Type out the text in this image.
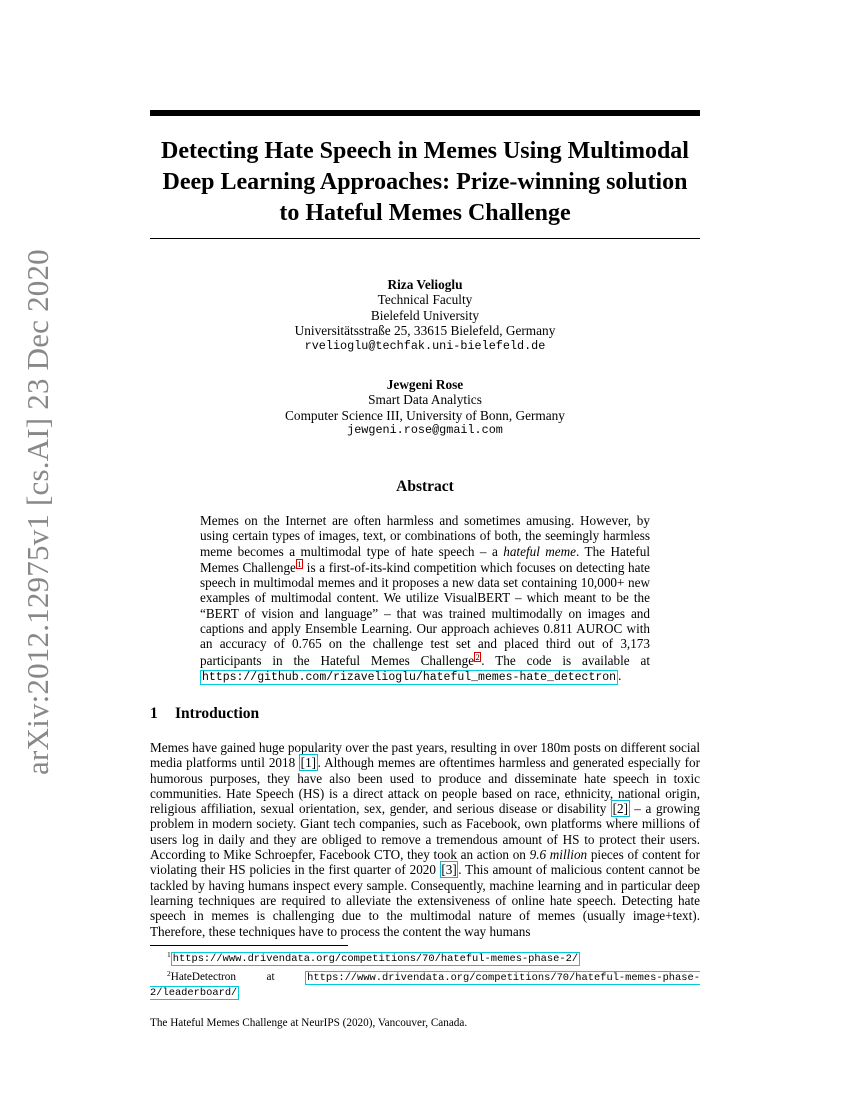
arXiv:2012.12975v1 [cs.AI] 23 Dec 2020
Detecting Hate Speech in Memes Using Multimodal Deep Learning Approaches: Prize-winning solution to Hateful Memes Challenge
Riza Velioglu
Technical Faculty
Bielefeld University
Universitätsstraße 25, 33615 Bielefeld, Germany
rvelioglu@techfak.uni-bielefeld.de
Jewgeni Rose
Smart Data Analytics
Computer Science III, University of Bonn, Germany
jewgeni.rose@gmail.com
Abstract
Memes on the Internet are often harmless and sometimes amusing. However, by using certain types of images, text, or combinations of both, the seemingly harmless meme becomes a multimodal type of hate speech – a hateful meme. The Hateful Memes Challenge 1 is a first-of-its-kind competition which focuses on detecting hate speech in multimodal memes and it proposes a new data set containing 10,000+ new examples of multimodal content. We utilize VisualBERT – which meant to be the “BERT of vision and language” – that was trained multimodally on images and captions and apply Ensemble Learning. Our approach achieves 0.811 AUROC with an accuracy of 0.765 on the challenge test set and placed third out of 3,173 participants in the Hateful Memes Challenge 2 . The code is available at https://github.com/rizavelioglu/hateful_memes-hate_detectron .
1 Introduction
Memes have gained huge popularity over the past years, resulting in over 180m posts on different social media platforms until 2018 [1] . Although memes are oftentimes harmless and generated especially for humorous purposes, they have also been used to produce and disseminate hate speech in toxic communities. Hate Speech (HS) is a direct attack on people based on race, ethnicity, national origin, religious affiliation, sexual orientation, sex, gender, and serious disease or disability [2] – a growing problem in modern society. Giant tech companies, such as Facebook, own platforms where millions of users log in daily and they are obliged to remove a tremendous amount of HS to protect their users. According to Mike Schroepfer, Facebook CTO, they took an action on 9.6 million pieces of content for violating their HS policies in the first quarter of 2020 [3] . This amount of malicious content cannot be tackled by having humans inspect every sample. Consequently, machine learning and in particular deep learning techniques are required to alleviate the extensiveness of online hate speech. Detecting hate speech in memes is challenging due to the multimodal nature of memes (usually image+text). Therefore, these techniques have to process the content the way humans
$^1$ https://www.drivendata.org/competitions/70/hateful-memes-phase-2/
$^2$HateDetectron at https://www.drivendata.org/competitions/70/hateful-memes-phase-2/leaderboard/
The Hateful Memes Challenge at NeurIPS (2020), Vancouver, Canada.
